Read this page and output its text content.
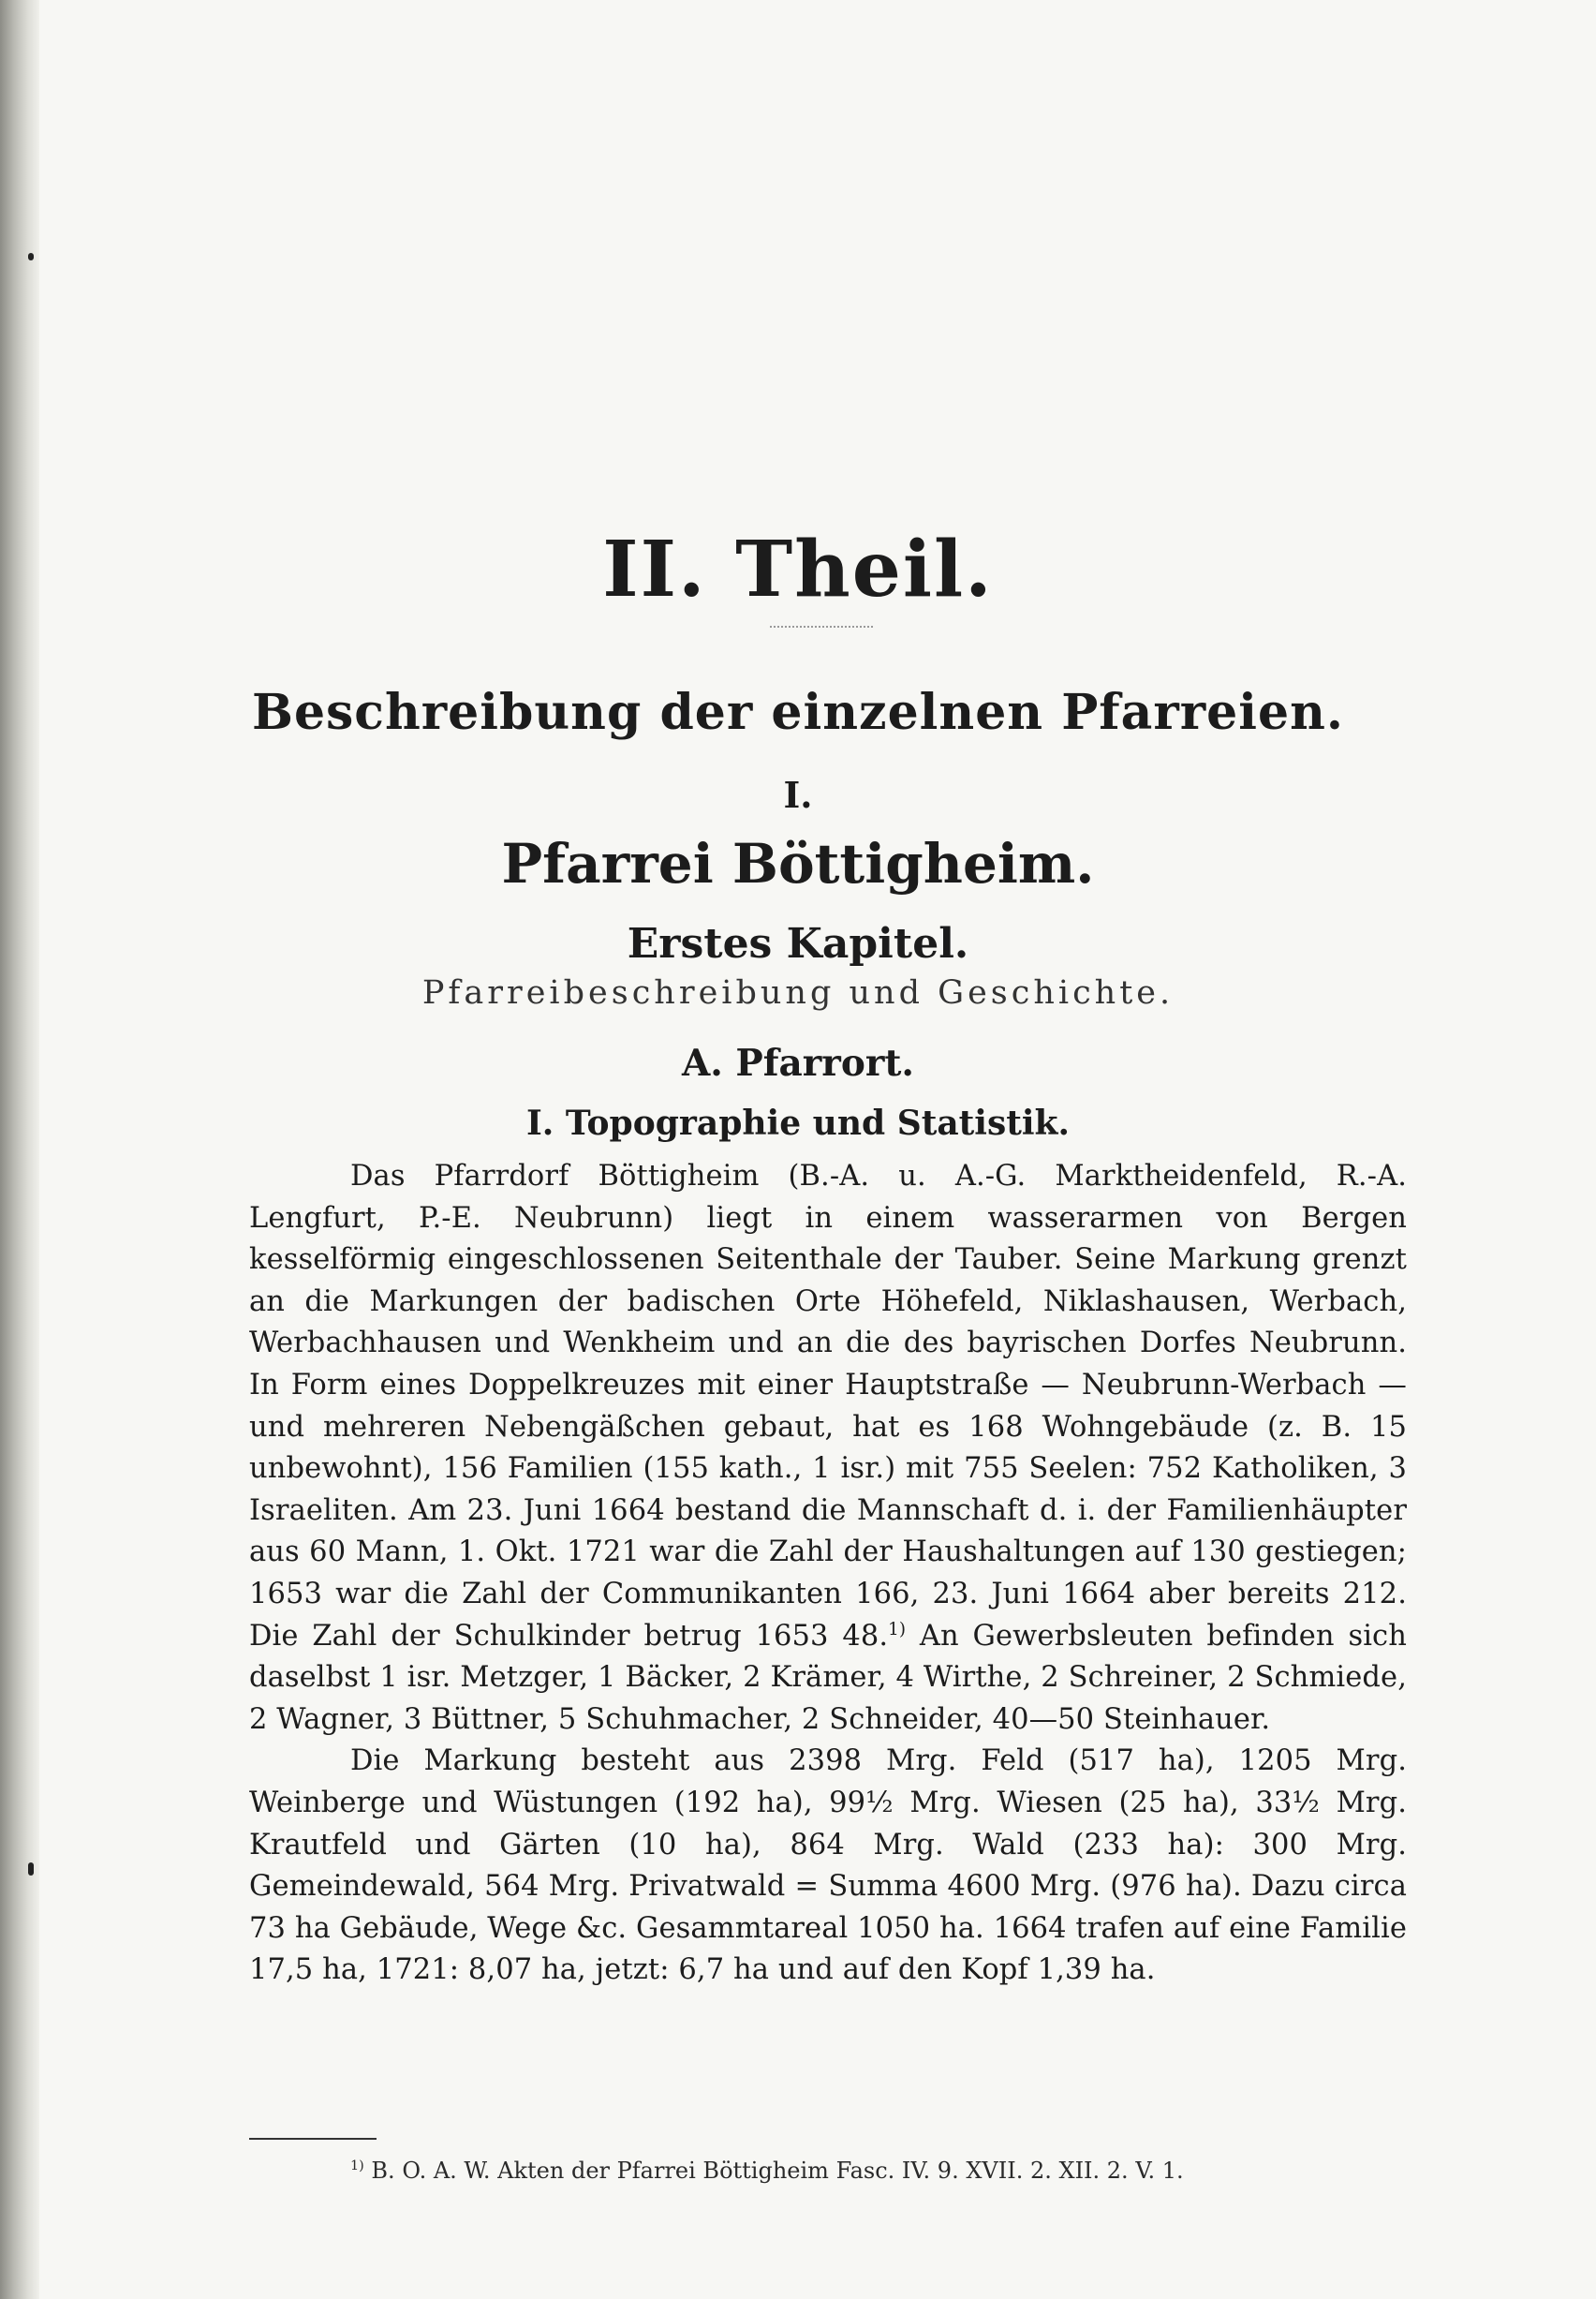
II. Theil.
Beschreibung der einzelnen Pfarreien.
I.
Pfarrei Böttigheim.
Erstes Kapitel.
Pfarreibeschreibung und Geschichte.
A. Pfarrort.
I. Topographie und Statistik.

Das Pfarrdorf Böttigheim (B.-A. u. A.-G. Marktheidenfeld, R.-A. Lengfurt, P.-E. Neubrunn) liegt in einem wasserarmen von Bergen kesselförmig eingeschlossenen Seitenthale der Tauber. Seine Markung grenzt an die Markungen der badischen Orte Höhefeld, Niklashausen, Werbach, Werbachhausen und Wenkheim und an die des bayrischen Dorfes Neubrunn. In Form eines Doppelkreuzes mit einer Hauptstraße — Neubrunn-Werbach — und mehreren Nebengäßchen gebaut, hat es 168 Wohngebäude (z. B. 15 unbewohnt), 156 Familien (155 kath., 1 isr.) mit 755 Seelen: 752 Katholiken, 3 Israeliten. Am 23. Juni 1664 bestand die Mannschaft d. i. der Familienhäupter aus 60 Mann, 1. Okt. 1721 war die Zahl der Haushaltungen auf 130 gestiegen; 1653 war die Zahl der Communikanten 166, 23. Juni 1664 aber bereits 212. Die Zahl der Schulkinder betrug 1653 48.$^{1)}$ An Gewerbsleuten befinden sich daselbst 1 isr. Metzger, 1 Bäcker, 2 Krämer, 4 Wirthe, 2 Schreiner, 2 Schmiede, 2 Wagner, 3 Büttner, 5 Schuhmacher, 2 Schneider, 40—50 Steinhauer.

Die Markung besteht aus 2398 Mrg. Feld (517 ha), 1205 Mrg. Weinberge und Wüstungen (192 ha), 99½ Mrg. Wiesen (25 ha), 33½ Mrg. Krautfeld und Gärten (10 ha), 864 Mrg. Wald (233 ha): 300 Mrg. Gemeindewald, 564 Mrg. Privatwald = Summa 4600 Mrg. (976 ha). Dazu circa 73 ha Gebäude, Wege &c. Gesammtareal 1050 ha. 1664 trafen auf eine Familie 17,5 ha, 1721: 8,07 ha, jetzt: 6,7 ha und auf den Kopf 1,39 ha.

$^{1)}$ B. O. A. W. Akten der Pfarrei Böttigheim Fasc. IV. 9. XVII. 2. XII. 2. V. 1.
